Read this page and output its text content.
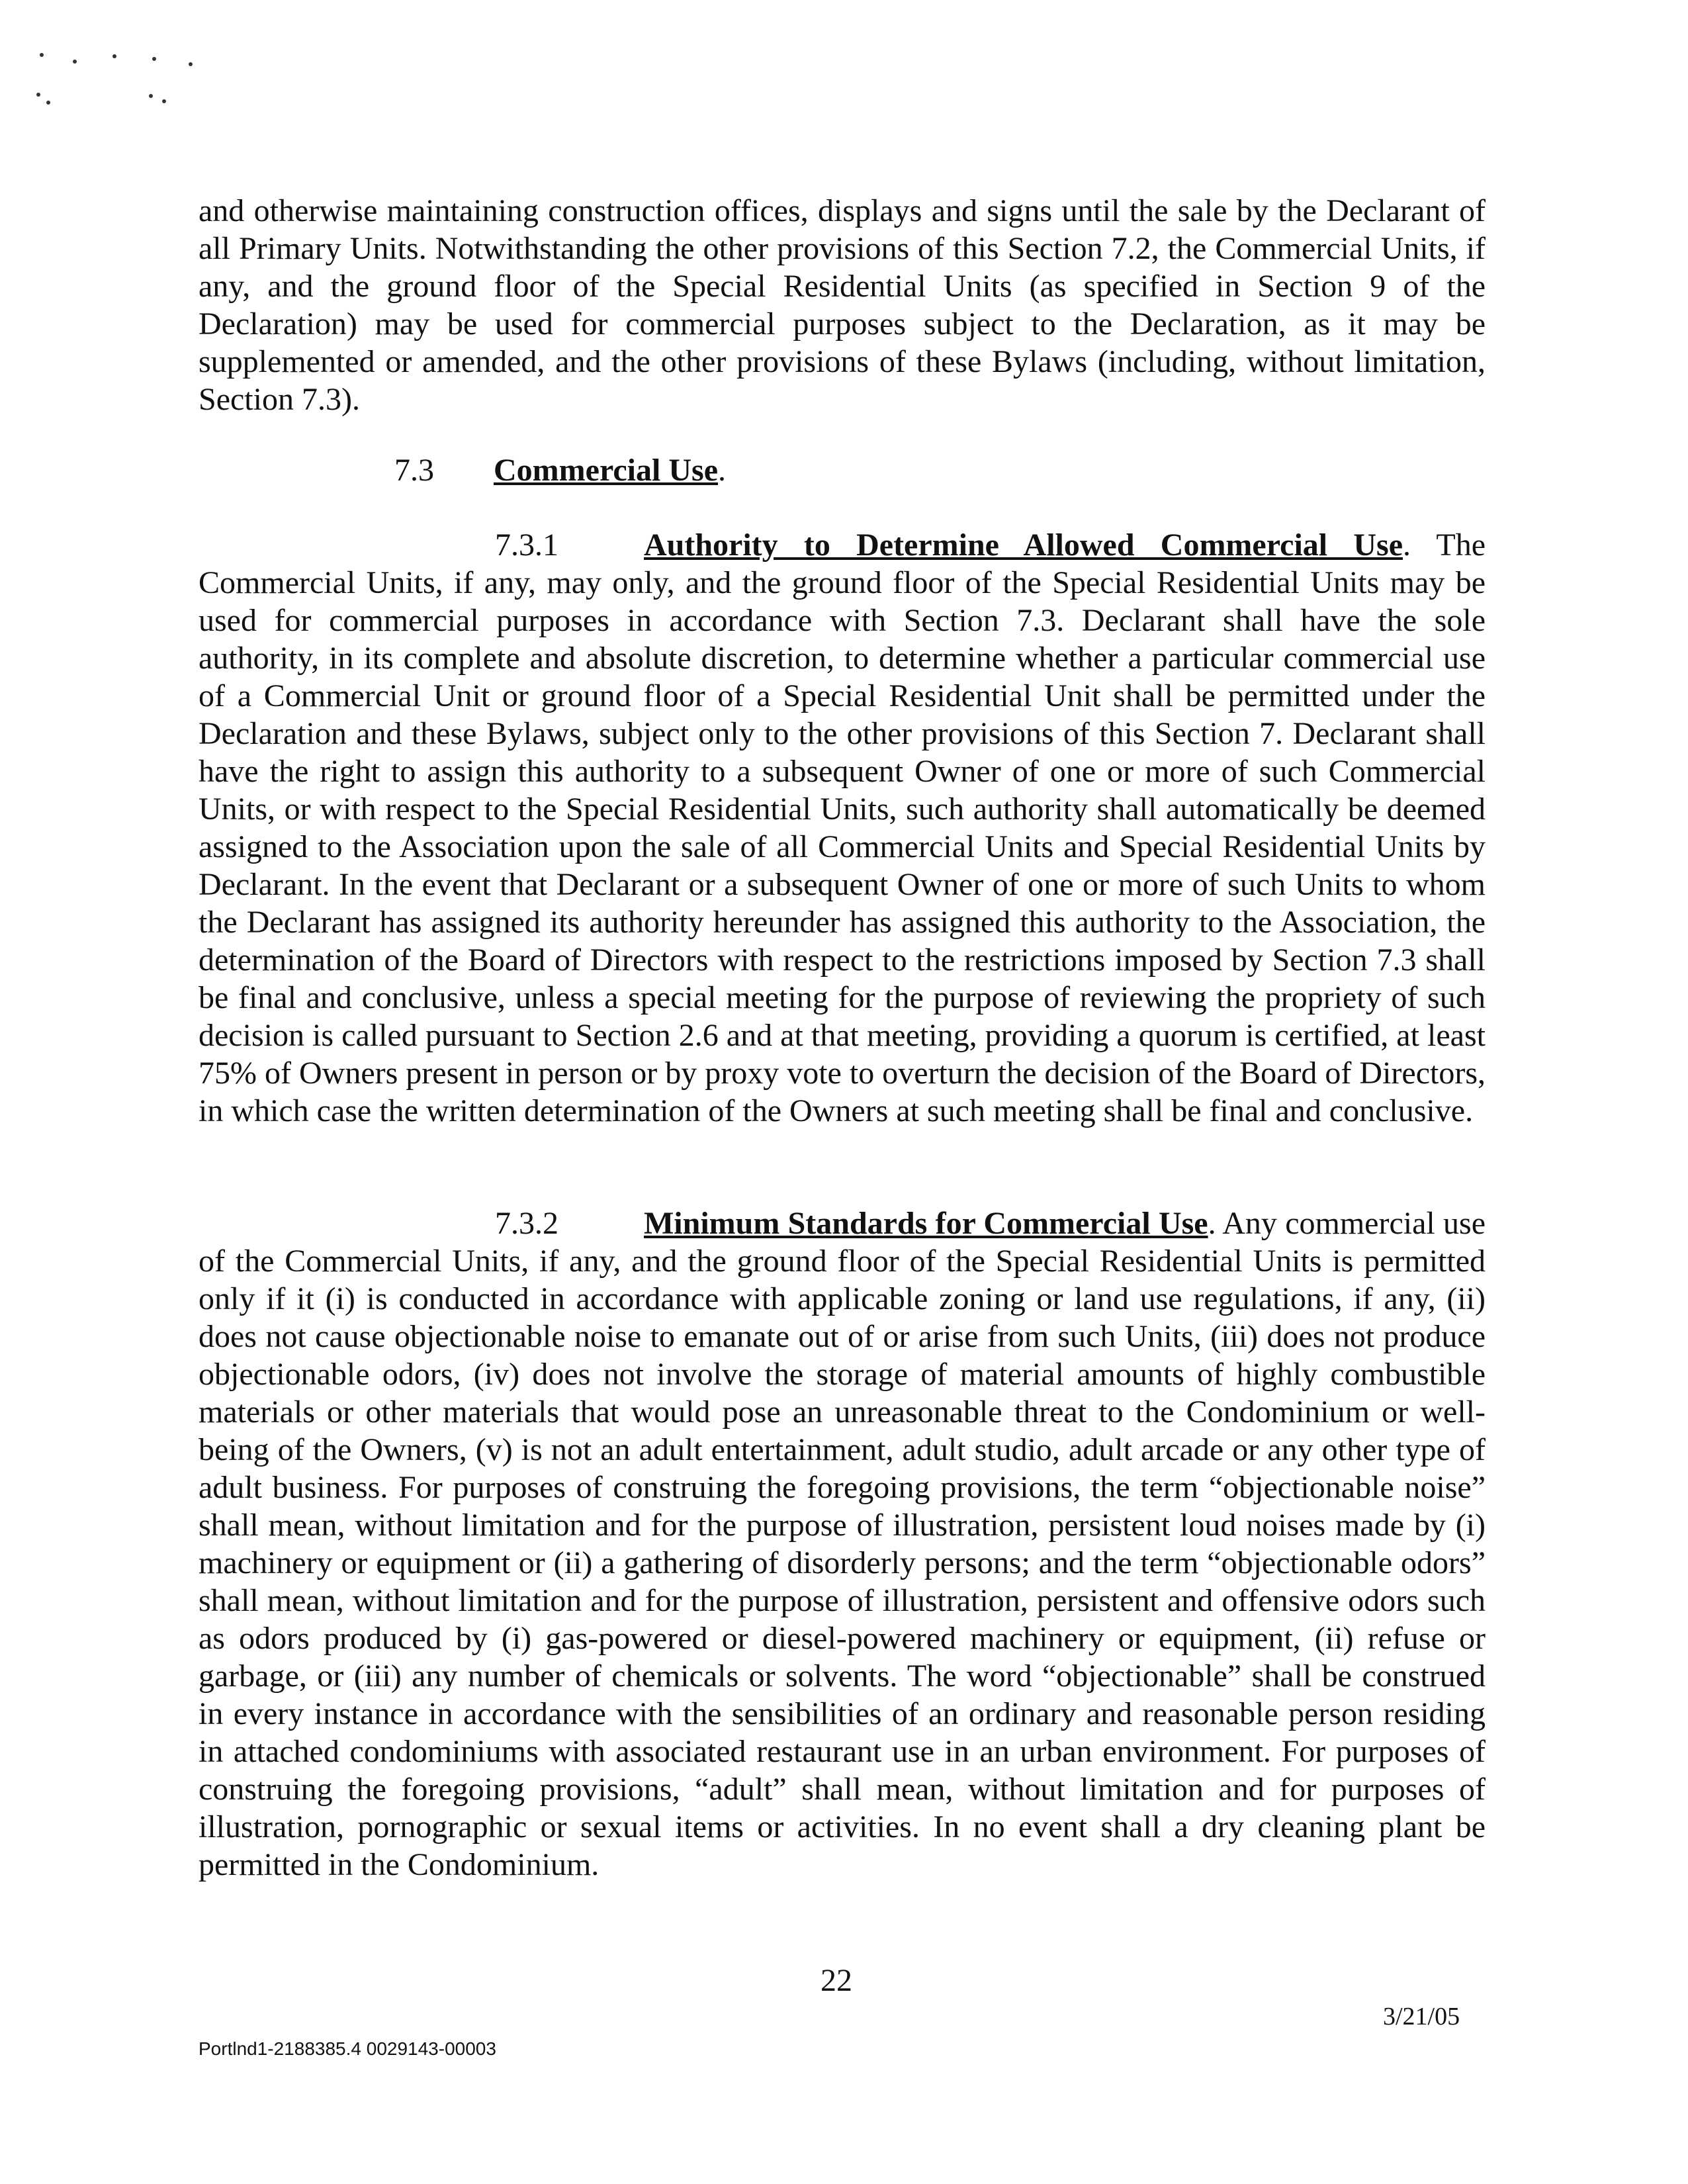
and otherwise maintaining construction offices, displays and signs until the sale by the Declarant of all Primary Units. Notwithstanding the other provisions of this Section 7.2, the Commercial Units, if any, and the ground floor of the Special Residential Units (as specified in Section 9 of the Declaration) may be used for commercial purposes subject to the Declaration, as it may be supplemented or amended, and the other provisions of these Bylaws (including, without limitation, Section 7.3).
7.3 Commercial Use.
7.3.1	Authority to Determine Allowed Commercial Use. The Commercial Units, if any, may only, and the ground floor of the Special Residential Units may be used for commercial purposes in accordance with Section 7.3. Declarant shall have the sole authority, in its complete and absolute discretion, to determine whether a particular commercial use of a Commercial Unit or ground floor of a Special Residential Unit shall be permitted under the Declaration and these Bylaws, subject only to the other provisions of this Section 7. Declarant shall have the right to assign this authority to a subsequent Owner of one or more of such Commercial Units, or with respect to the Special Residential Units, such authority shall automatically be deemed assigned to the Association upon the sale of all Commercial Units and Special Residential Units by Declarant. In the event that Declarant or a subsequent Owner of one or more of such Units to whom the Declarant has assigned its authority hereunder has assigned this authority to the Association, the determination of the Board of Directors with respect to the restrictions imposed by Section 7.3 shall be final and conclusive, unless a special meeting for the purpose of reviewing the propriety of such decision is called pursuant to Section 2.6 and at that meeting, providing a quorum is certified, at least 75% of Owners present in person or by proxy vote to overturn the decision of the Board of Directors, in which case the written determination of the Owners at such meeting shall be final and conclusive.
7.3.2	Minimum Standards for Commercial Use. Any commercial use of the Commercial Units, if any, and the ground floor of the Special Residential Units is permitted only if it (i) is conducted in accordance with applicable zoning or land use regulations, if any, (ii) does not cause objectionable noise to emanate out of or arise from such Units, (iii) does not produce objectionable odors, (iv) does not involve the storage of material amounts of highly combustible materials or other materials that would pose an unreasonable threat to the Condominium or well-being of the Owners, (v) is not an adult entertainment, adult studio, adult arcade or any other type of adult business. For purposes of construing the foregoing provisions, the term “objectionable noise” shall mean, without limitation and for the purpose of illustration, persistent loud noises made by (i) machinery or equipment or (ii) a gathering of disorderly persons; and the term “objectionable odors” shall mean, without limitation and for the purpose of illustration, persistent and offensive odors such as odors produced by (i) gas-powered or diesel-powered machinery or equipment, (ii) refuse or garbage, or (iii) any number of chemicals or solvents. The word “objectionable” shall be construed in every instance in accordance with the sensibilities of an ordinary and reasonable person residing in attached condominiums with associated restaurant use in an urban environment. For purposes of construing the foregoing provisions, “adult” shall mean, without limitation and for purposes of illustration, pornographic or sexual items or activities. In no event shall a dry cleaning plant be permitted in the Condominium.
22
3/21/05
Portlnd1-2188385.4 0029143-00003
